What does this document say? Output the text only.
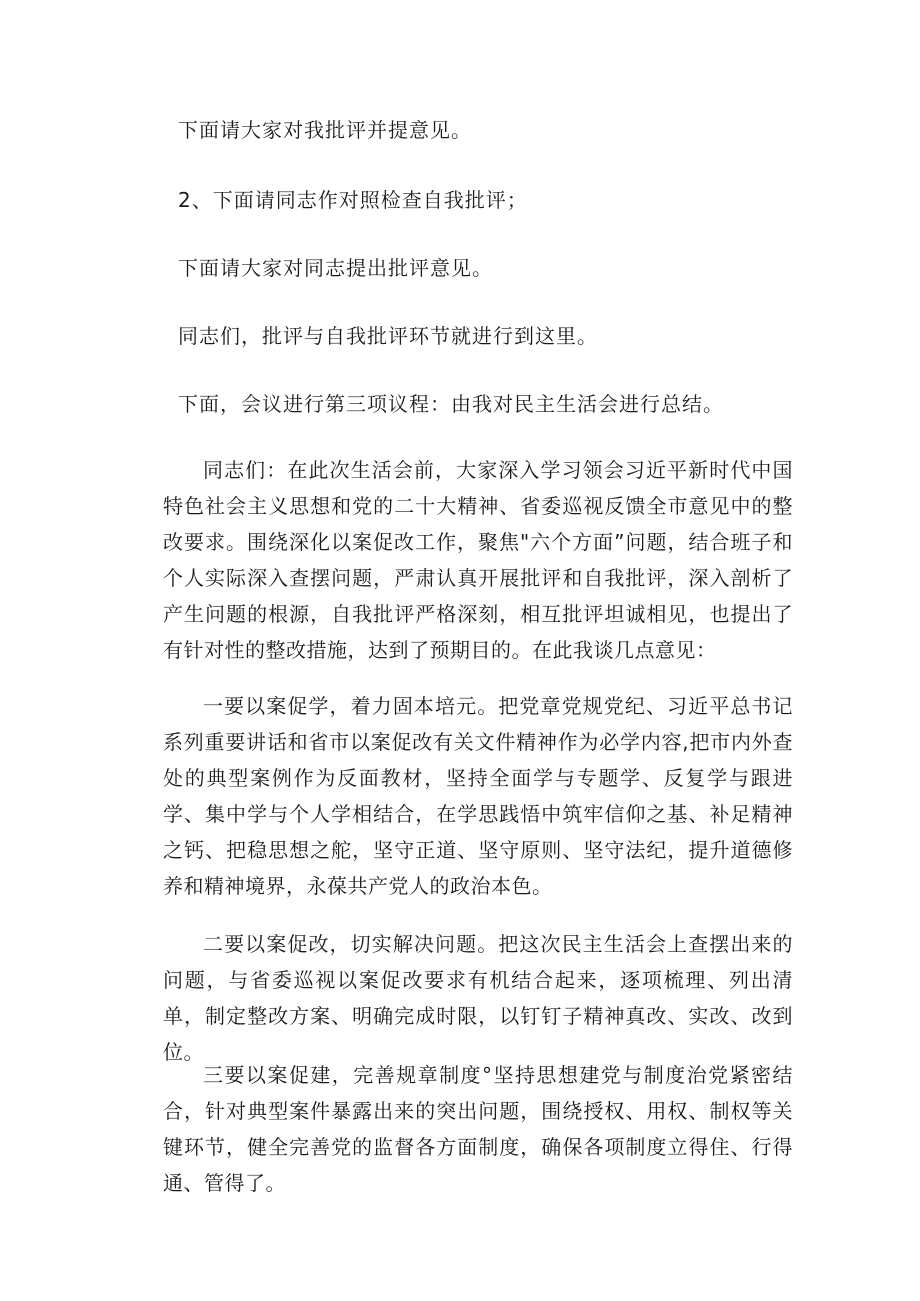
下面请大家对我批评并提意见。
2、下面请同志作对照检查自我批评；
下面请大家对同志提出批评意见。
同志们，批评与自我批评环节就进行到这里。
下面，会议进行第三项议程：由我对民主生活会进行总结。
同志们：在此次生活会前，大家深入学习领会习近平新时代中国特色社会主义思想和党的二十大精神、省委巡视反馈全市意见中的整改要求。围绕深化以案促改工作，聚焦"六个方面”问题，结合班子和个人实际深入查摆问题，严肃认真开展批评和自我批评，深入剖析了产生问题的根源，自我批评严格深刻，相互批评坦诚相见，也提出了有针对性的整改措施，达到了预期目的。在此我谈几点意见：
一要以案促学，着力固本培元。把党章党规党纪、习近平总书记系列重要讲话和省市以案促改有关文件精神作为必学内容,把市内外查处的典型案例作为反面教材，坚持全面学与专题学、反复学与跟进学、集中学与个人学相结合，在学思践悟中筑牢信仰之基、补足精神之钙、把稳思想之舵，坚守正道、坚守原则、坚守法纪，提升道德修养和精神境界，永葆共产党人的政治本色。
二要以案促改，切实解决问题。把这次民主生活会上查摆出来的问题，与省委巡视以案促改要求有机结合起来，逐项梳理、列出清单，制定整改方案、明确完成时限，以钉钉子精神真改、实改、改到位。
三要以案促建，完善规章制度°坚持思想建党与制度治党紧密结合，针对典型案件暴露出来的突出问题，围绕授权、用权、制权等关键环节，健全完善党的监督各方面制度，确保各项制度立得住、行得通、管得了。
